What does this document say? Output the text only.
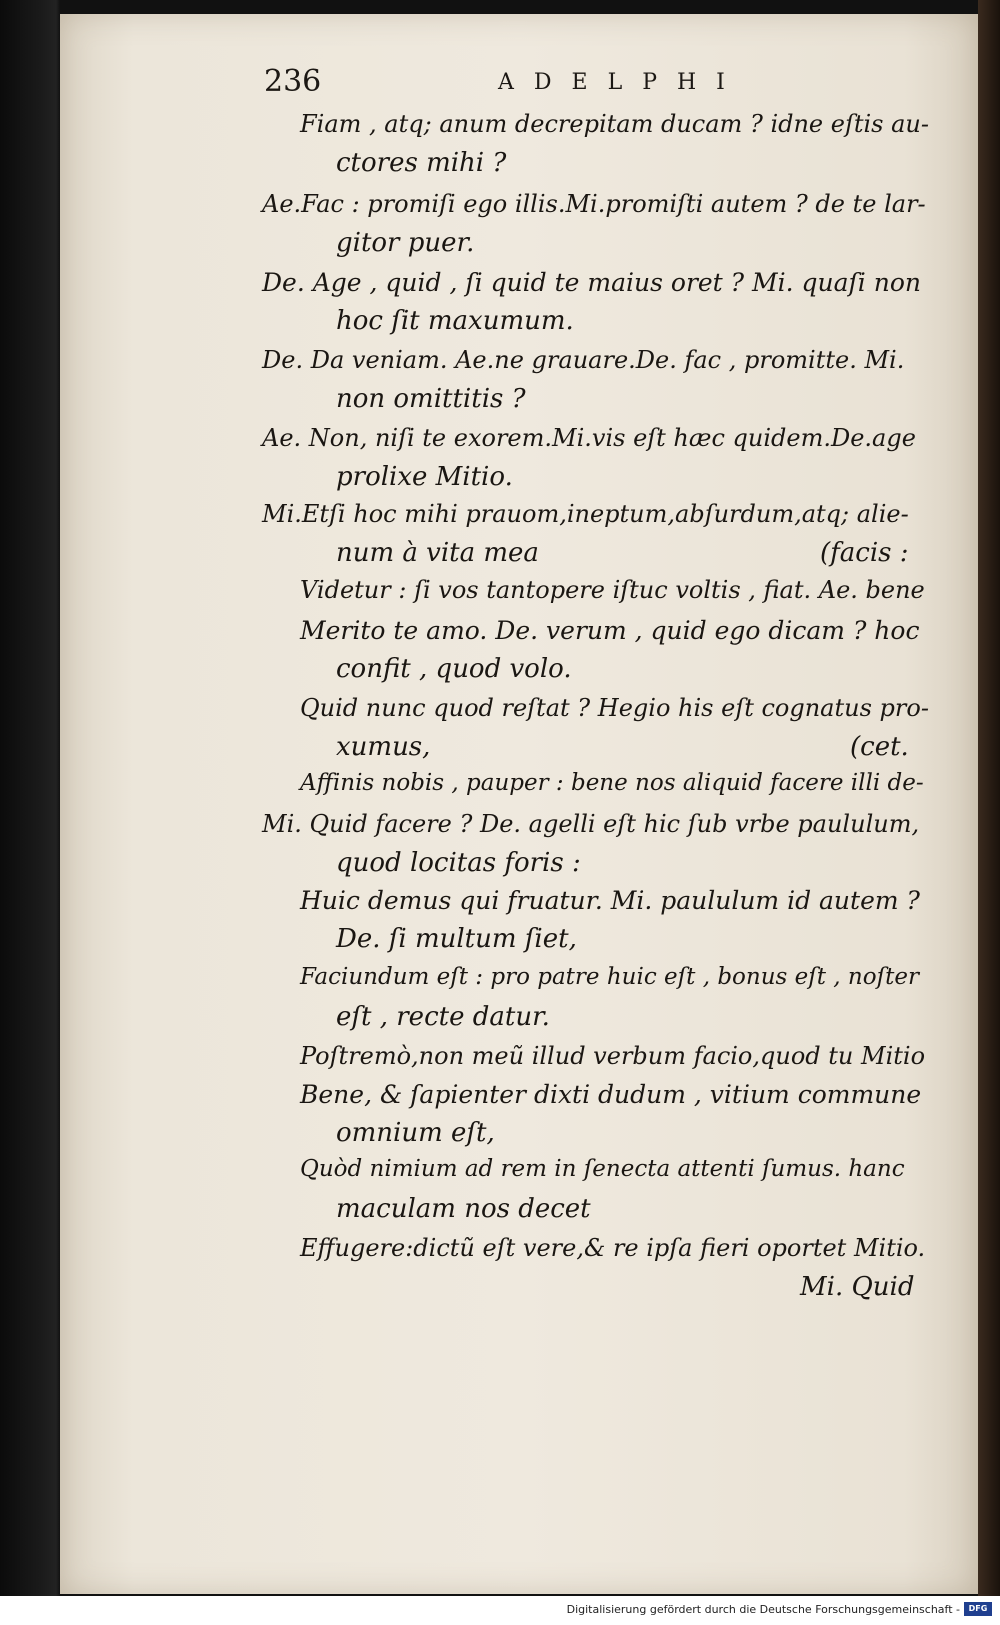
236	ADELPHI
Fiam , atq; anum decrepitam ducam ? idne eſtis au-
ctores mihi ?
Ae.Fac : promiſi ego illis.Mi.promiſti autem ? de te lar-
gitor puer.
De. Age , quid , ſi quid te maius oret ? Mi. quaſi non
hoc ſit maxumum.
De. Da veniam. Ae.ne grauare.De. fac , promitte. Mi.
non omittitis ?
Ae. Non, niſi te exorem.Mi.vis eſt hæc quidem.De.age
prolixe Mitio.
Mi.Etſi hoc mihi prauom,ineptum,abſurdum,atq; alie-
num à vita mea	(facis :
Videtur : ſi vos tantopere iſtuc voltis , fiat. Ae. bene
Merito te amo. De. verum , quid ego dicam ? hoc
confit , quod volo.
Quid nunc quod reſtat ? Hegio his eſt cognatus pro-
xumus,	(cet.
Affinis nobis , pauper : bene nos aliquid facere illi de-
Mi. Quid facere ? De. agelli eſt hic ſub vrbe paululum,
quod locitas foris :
Huic demus qui fruatur. Mi. paululum id autem ?
De. ſi multum ſiet,
Faciundum eſt : pro patre huic eſt , bonus eſt , noſter
eſt , recte datur.
Poſtremò,non meũ illud verbum facio,quod tu Mitio
Bene, & ſapienter dixti dudum , vitium commune
omnium eſt,
Quòd nimium ad rem in ſenecta attenti ſumus. hanc
maculam nos decet
Effugere:dictũ eſt vere,& re ipſa fieri oportet Mitio.
Mi. Quid
Digitalisierung gefördert durch die Deutsche Forschungsgemeinschaft -	DFG
